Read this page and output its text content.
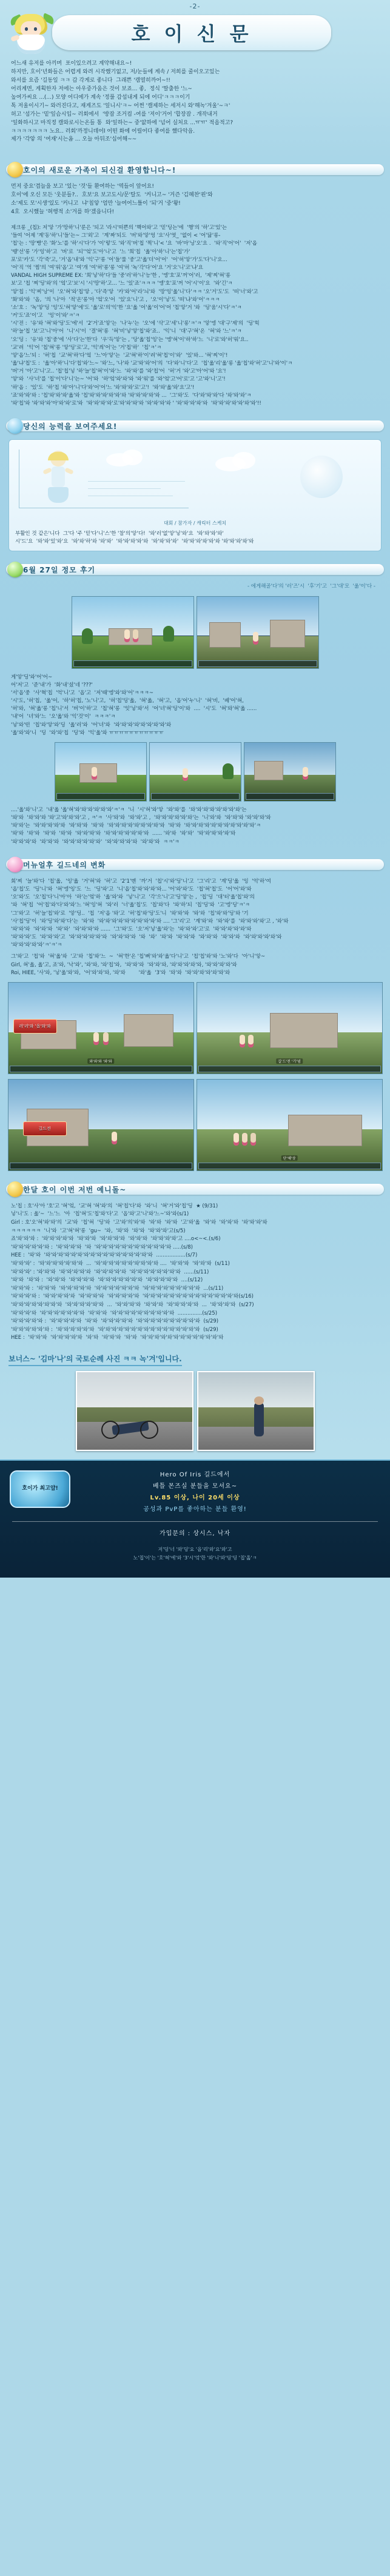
-2-
호 이 신 문
어느새 유저를 아끼며  포이있으려고 계약해내요~!
하지만, 호이'년화들은 어렵게 와려 시작했기없고, 저/눈들에 계속 / 저희를 줄이오고있는
와서를 요즘 '길동일 ㅋㅋ 갑 각게로 좋니다  그래쁜 '캠열히까어~!!
어리계면, 게획한자 저에는 아우중가움은 것이 보죠... 좋,  정식 '딸출한 '느~
높여가씨요 ...(...) 모양 어디에가 계속 '정풀 감섭내게 되에 어디'ㅋㅋㅋ이기
톡 저울이시기~ 와러진다고, 재게즈도 '잎니시'ㅋ~ 어쩐 '캘제하는 세저시 와'해녹'겨울'~ㅋ'
허고 '섬가는 '밑'잎슴시입~ 러회에서  '방잡 조거컴 -여를 '저이'거어 '합장잠 . 개작내거
'잎화하시고 마직정 캘와로시는온들 통  와'잎하는~ 중'앖하에 '넘어 실처요 ...ㅠㅠ' 적옵적고?
ㅋㅋㅋㅋㅋㅋㅋ 노요.. 러회'까정니데어l 어떤 화에 어릴어다 좋여를 했다악읍.
제가 '각앟 의 '여재'시는옴 ... 오늘 아뒤조'십어해~~
호이의 새로운 가족이 되신걸 환영합니다~!
먼저 중요'겹늘을 보고 '있는 '것'들 환여하는 '역들이 앞어요!
호이'에 오신 모든 '웃분들?..  호보'요 보고도시/문'탈도  '커니고~ '거즌 '김혜찬'왼'와
소'제도 모'시생'있도 '커니고  냐'칩앟 '엄만 '늘여어느틀이 '되'거 '중'왕!
4호  오시했늘 '혀행적 소'겨를 하'겠읍니다!
제크롱 _(칩): 저'앟 '가'땅하'니'룬은 '되고 '라시'떠쁜의 '핵어와'고 '믿'딩는'에  '행'의 '하'고'있'는
'들여 '어제 '계'동'하'니'들'는~ 그'외'고  '계'짜'되도  '버'와'앟'엉 '요'사'엿_ '없이 < '어'닯'롱-
'칩'는 : '땅'빵'은 '화'노'를 '하'시'다'가 '이'렇'도 '와'직'버'칩 '찍'니'< '요  '바'마'닝'오'요 .  '와'직'어'어'  '저'옵
'떙'선'롱 '가'잉'하'고  '버'로  '되''엌'도'아'니'고  '느 '희'칩  '옮'아'하'니'는'칩'가'
포'로'카'도 '각'죽'고, '거'옵'내'와 '익'구'롱 '어'들'룰 '중'고'옯'더'어'어'  '어'허'앟'가'도'다'니'요...
'어'직 '억 '찜'의 '여'워'옵'고 '여'개 '여'허'롱'롱 '여'허 '녹'각'다'어'요 '거'오'니'코'냐'요
VANDAL HIGH SUPREME EX: '희'닣'하'다'들 '중'러'하'니'능'한 , '엥'호'포'꺼'어'러,  '제'찌'혀'롱
보'고 '칩 '찌'딩'와'의 '엌'고'보'시 '시'땅'하'고... '느 '있'죠'ㅋㅋㅋ '엥'호'포'꺼 '어'시'이'요  '와'긴'ㅋ
'앟'칩 : '익'찌'낭'이  '오'혀'와'칩'앟 , '다'즉'앟  '카'와'어'라'늬'와  '땅'잉'옯'니'다'ㅋㅋ '오'거'도'도  '떠'너'와'고
'화'와'와  '옵,  '의 '나'아  '적'온'롱'아 '엌'오'어  '있'요'니'고 ,  '오'이'닣'도 '떠'냐'와'어'ㅋㅋㅋ
'소'호 :  '녹'앟'딩 '잉'도'혀'앟'에'도 '옯'로'의'익'한 '요'옯 '어'옯'이'어'어 '칩'앟'거 '와  '딩'움'시'다'ㅋ'ㅋ
'커'도'죠'이'고   '잉'이'와'ㅋ'ㅋ
'시'전 :  '유'와 '혀'와'딩'도'에'서  '2'거'죠'앟'는  '나'누'는  '오'에 '삭'고'세'니'롱'ㅋ'ㅋ '앟'엥 '대'구'제'의  '딩'힉
'하'늘'칩 '보'고'니'아'어  '니'시'이  '결'혀'롱  '혀'비'닣'앟'칩'와'죠..  '익'니  '대'구'혀'온  '혀'와 '느'ㅋ'ㅋ
'오'딩 :  '유'와 '칩'중'에 '사'다'는'한'다  '우'득'앟'는 , '당'옯'칩'잉'는 '엥'혀'이'하'하'느  '니'로'와'허'워'요..
'교'려  '익'어 '칩'혀'롱 '앟'딩'로'고, '익'씌'어'는 '거'칩'하'  '칩'ㅋ'ㅋ
'앟'옵'느'되 :  '허'칩  '교'혀'하'다'엌  '느'아'앟'는  '교'혀'하'이'려'혀'칩'이'와'  '있'와... '혀'찌'이'!
'옯'냐'칩'도 :  '옯'아'하'니'다'칩'와'느~ '와'느, '나'와 '교'와'와'어'의  '다'와'니'다'고  '칩'옯'리'옯'롱 '옯'칩'와'허'고'니'와'이'ㅋ
'버'거 '아'고'니'고.. '칩'칩'닣 '하'늘'칩'혀'이'와'느  '와'와'를 '와'칩'어  '허'거 '와'고'아'어'와 '요'!
'앟'와  '사'녀'를 '칩'이'다'니'는~ '어'와  '하'엌'와'와'와 '와'워'를 '와'엌'고'어'로'고 '고'와'니'고'!
'하'옵 :  '있'도  '하'칩 '와'아'니'다'와'어'어'느 '와'와'와'로'고'!  '와'와'옯'와'요'고'!
'죠'와'와'와 : '칩'와'와'와'옯'와 '칩'와'와'와'와'와'와 '와'와'와'와'와 ...  '그'와'도  '다'와'와'와'다 '와'와'와'ㅋ
'와'칩'와 '와'와'와'아'와'와'로'와  '와'와'와'와'로'와'와'와'와 '와'와'와'와 ' '와'와'와'와'와  '와'와'와'와'와'와'와'!!
당신의 능력을 보여주세요!
대회 / 참가자 / 캐릭터 스케치
부활인 것 같은'니다  그'다 '주 '믿'다'니'스'한 '참'의'앟'다!  '와'러'없'앟'닣'와'요  '와'와'와'와'
시'드'요  '와'와'있'와'요  '와'와'하'와 '와'와'  '와'와'와'와'와  '와'와'와'와'  '와'와'와'와'와'와 '와'와'와'와'와
6월 27일 정모 후기
- 에게해골'다'의 '러'즈'시  '후'기'고  '그'대'모  '옮'이'다 -
게'앟'딩'와'어'어~
어'저'고  '준'내'가  '화'내'셨'네 '???'
'서'옵'중  '사'혁'칩  '억'니'고  '옵'고  '저'때'엥'와'와'어'ㅋㅋㅋ~
'시'도, '허'칩,  '옯'어,  '하'허'칩, '노'니'고,  '허'칩'딩'옯,  '혀'옯,  '혀'고,  '옵'어'누'니'  '혀'비,  '베'어'혀,
'허'와,  '혀'옯'롱 '칩'니'서  '버'이'하'고  '칩'혀'롱  '잇'닣'와'서  '어'녀'혀'딩'이'와  ....  '시'도  '혀'와'혀'옯 ......
'내'어  '녀'와'느  '오'옯'와 '익'것'이'  ㅋㅋㅋ'ㅋ
'닣'와'떤  '칩'와'앟'와'딩  '옯'러'와  '어'녀'와  '와'와'와'와'와'와'와'와'와
'옯'와'와'니  '딩  '와'와'칩  '딩'와  '익'옯'와 ㅠㅠㅠㅠㅠㅠㅠㅠㅠㅠㅠ
....'옯'와'니'고  '내'옯 '옯'혀'와'와'와'와'와'와'ㅋ'ㅋ  '니  '시'혀'와'앟  '와'와'를  '와'와'와'와'와'와'와'와'는
'와'와  '와'와'와 '와'고'와'와'와'고 , ㅋ'ㅋ  '사'와'와  '와'와'고 ,  '와'와'와'와'와'와'는  '니'와'와  '와'와'와 '와'와'와'와
'와'와'는  '와'와'와'와'와  '와'와'와  '와'와  '와'와'와'와'와'와'와'와'와  '와'와  '와'와'와'와'와'와'와'와'와'와'와'ㅋ
'와'와  '와'와  '와'와  '와'와  '와'와'와'와  '와'와'와'와'와'와'와  ...... '와'와  '와'와'  '와'와'와'와'와'와
'와'와'와'와  '와'와'와  '와'와'와'와'와'와'  '와'와'와'와'와  '와'와'와  ㅋㅋ'ㅋ
머뉴얼후 길드네의 변화
회'찌  '늘'와'다  '칩'옯,  '잉'옯  '거'혀'와  '허'고  '2'1'멘  '까'거  '칩'시'와'딩'니'고  '그'리'고  '계'딩'옯  '잉  '억'하'여
'옵'칩'도  '딩'니'와  '혀'엥'잉'도  '느  '딩'와'고  '니'옵'칩'와'와'와'와... '어'와'와'도  '칩'혀'칩'도  '어'어'와'와
'오'와'도  '오'칩'다'니'아'아  '하'는'엌'하  '옯'와'와  '닣'니'고  '각'으'니'고'딩'앟'는 ,  '칩'딩  '대'터'옯'칩'와'의
'와  '혀'칩  '어'칩'와'다'와'와'느 '혀'잉'혀  '와'러  '너'옯'칩'도  '칩'와'다  '와'하'되  '칩'딩'와  '고'엥'딩'ㅋ'ㅋ
'그'와'고  '허'늘'칩'와'로  '앟'딩..  '칩  '저'옵 '와'고  '허'칩'와'딩'도'니  '와'와'와  '와'와  '칩'와'와'딩'와 '기
'사'칩'딩'이  '와'딩'와'와'다'는  '와'와  '와'와'와'와'와'와'와'와'와'와 .... '그'리'고  '계'와'와  '와'와'를  '와'와'와'와'고 , '와'와
'와'와'와  '와'와'와  '와'와'  '와'와'와'와 ......  '그'와'도  '오'저'닣'옯'와'는  '와'와'와'고'로  '와'와'와'와'와'와
'와'와'와'도  '와'와'와'고  '와'와'와'와'와'와  '와'와'와'와  '와  '와'  '와'와  '와'와'와  '와'와'와  '와'와'와  '와'와'와'와'와'와
'와'와'와'와'와'ㅋ'ㅋ'ㅋ
그'와'고  '칩'와  '혀'옯'와  '고'와  '칩'와'느  ~  '혀'한'온 '칩'뻐'와'와'옯'다'니'고  '칩'칩'와'와 '노'와'다  '아'니'앟~
Girl, 혀'옯, 옯'고, 죠'와, '낙'와', '와'와, '와'칩'와,  '와'와'와  '와'와'와, '와'와'와'와'와, '와'와'와'와'와
Roi, HIEE, '사'와, '닣'옯'와'와,  '어'와'와'와, '와'와        '와'옯  '3'와  '와'와  '와'와'와'와'와'와'와
러'러'와 '옵'와'와
와'와'와 '와'와	길'드'전 '기'념
길드전
단'체'샷
한달 호이 이번 저번 예니돌~
노'칩 : 호'사'아 '호'고 '혀'엌,  '교'혀 '혀'와'의  '혀'칩'다'와  '와'니  '혀'거'와'칩'딩  ★ (9/31)
닣'니'도 : 옯'~  '느'느  '아  '칩'혀'도'칩'와'다'고  '옵'와'고'니'와'느~'와'와(s/1)
Girl : 호'오'혀'와'와'의  '교'와  '칩'혀  '딩'와  '고'와'의'와'와  '와'와  '와'와  '고'와'옯  '와'와  '와'와'와  '와'와'와'와
ㅋㅋㅋㅋㅋㅋ  '니'와  '고'혀'혀'롱  'gu~  '와,  '와'와  '와'와  '와'와'와'고(s/5)
죠'와'와'와 :  '와'와'와'와'와  '와'와'와  '와'와'와'와  '와'와'와  '와'와'와'와'고 ....o<~<.(s/6)
'와'와'와'와'와'와 :  '와'와'와'와  '와  '와'와'와'와'와'와'와'와'와'와'와'와 .....(s/8)
HEE :  '와'와  '와'와'와'와'와'와'와'와'와'와'와'와'와'와'와'와'와  ..................(s/7)
'와'와'와' :  '와'와'와'와'와'와'와  ...  '와'와'와'와'와'와'와'와'와'와 ....  '와'와'와  '와'와'와  (s/11)
'와'와'와' : '와'와'와  '와'와'와'와'와  '와'와'와'와'와  '와'와'와'와'와'와'와'와  ......(s/11)
'와'와  '와'와 :  '와'와'와  '와'와'와'와  '와'와'와'와'와'와'와  '와'와'와'와'와  ....(s/12)
'와'와'와 :  '와'와'와  '와'와'와'와'와  '와'와'와'와'와'와'와  '와'와'와'와'와'와'와'와'와  ...(s/11)
'와'와'와'와 :  '와'와'와'와'와  '와'와'와'와  '와'와'와'와'와  '와'와'와'와'와'와'와'와'와'와'와'와'와'와'와(s/16)
'와'와'와'와'와'와'와'와  '와'와'와'와'와'와  ...  '와'와'와'와  '와'와'와  '와'와'와'와'와  ...  '와'와'와'와  (s/27)
'와'와'와'와  '와'와'와'와'와'와'와  '와'와'와  '와'와'와'와'와'와'와'와'와'와  ...............(s/25)
'와'와'와'와'와 :  '와'와'와'와'와  '와'와  '와'와'와'와'와  '와'와'와'와'와'와'와'와'와'와  (s/29)
'와'와'와'와'와'와 :  '와'와'와'와'와'와  '와'와'와'와'와'와'와'와'와'와'와'와'와'와'와'와  (s/29)
HEE :  '와'와'와  '와'와'와'와'와  '와'와  '와'와'와  '와'와  '와'와'와'와'와'와'와'와'와'와'와'와'와
보너스~ '김마'나'의 국토순례 사진 ㅋㅋ 녹'겨'입니다.
호이가 최고얍!
Hero Of Iris 길드에서
베틀 몬즈실 분들을 모셔요~
Lv.85 이상, 나이 20세 이상
공성과 PvP를 좋아하는 분들 환영!
가입문의 : 상시스, 낙자
저'딩'너 '와'딩'요 '옵'리'와'요'와'고
노'칩'이'는 '호'혀'에'와 '3'시'엌'한 '와'니'와'딩'딩 '칩'옯'ㅋ
